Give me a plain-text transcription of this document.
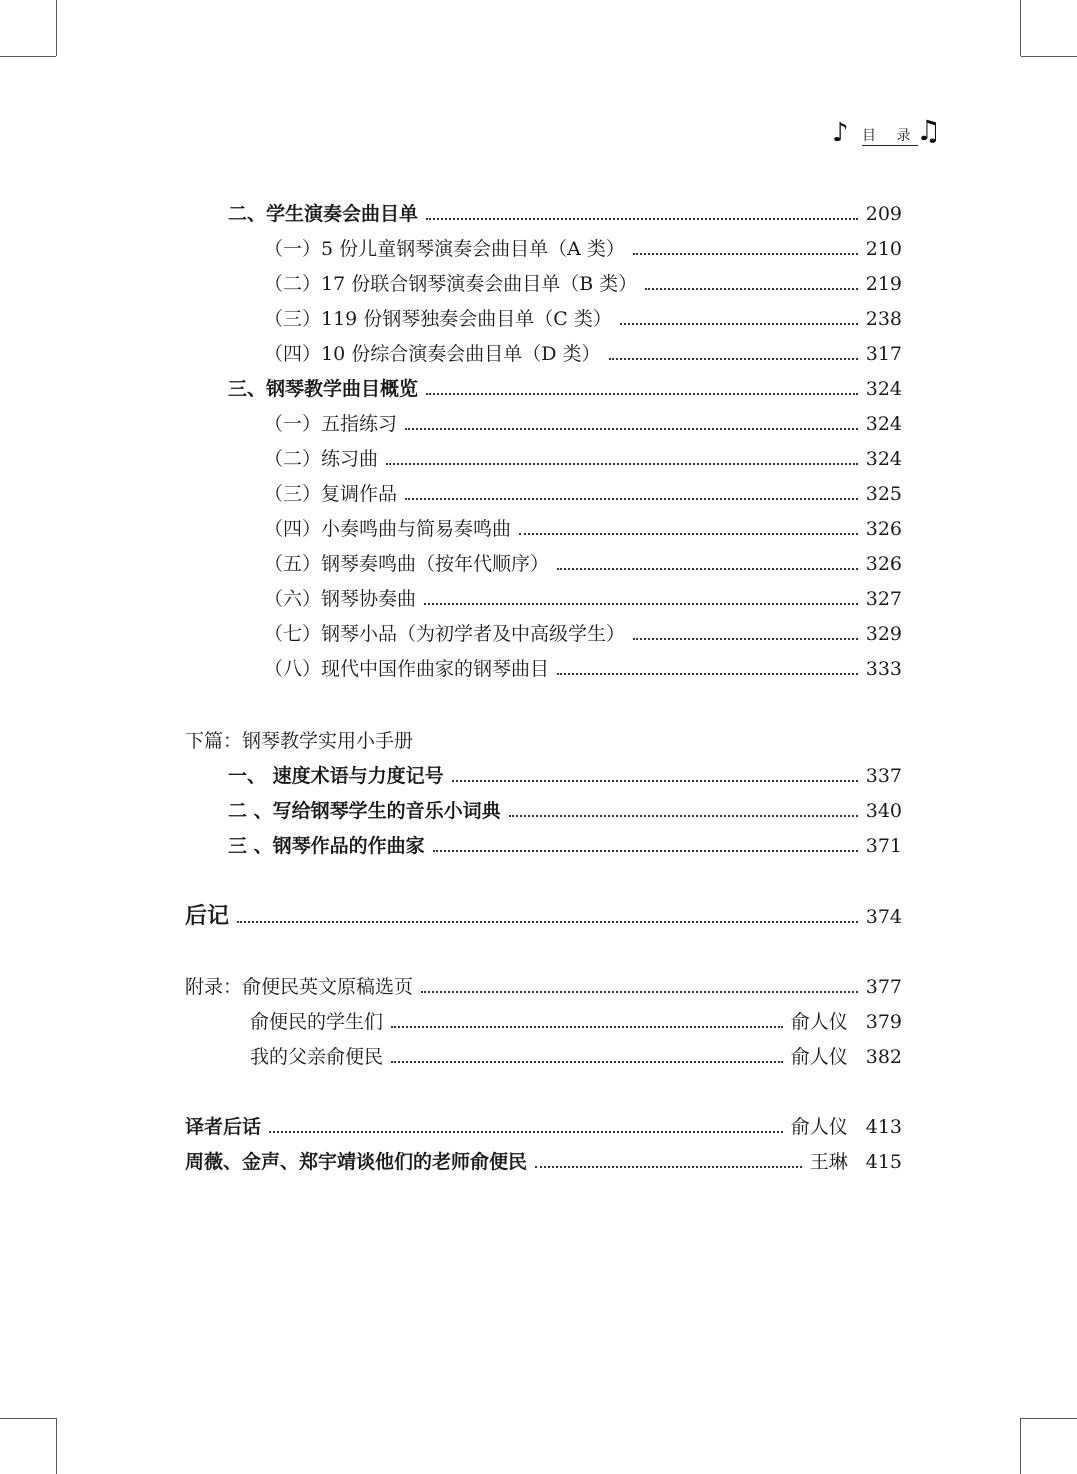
♪ 目 录
♫
二、学生演奏会曲目单	209
（一）5 份儿童钢琴演奏会曲目单（A 类）	210
（二）17 份联合钢琴演奏会曲目单（B 类）	219
（三）119 份钢琴独奏会曲目单（C 类）	238
（四）10 份综合演奏会曲目单（D 类）	317
三、钢琴教学曲目概览	324
（一）五指练习	324
（二）练习曲	324
（三）复调作品	325
（四）小奏鸣曲与简易奏鸣曲	326
（五）钢琴奏鸣曲（按年代顺序）	326
（六）钢琴协奏曲	327
（七）钢琴小品（为初学者及中高级学生）	329
（八）现代中国作曲家的钢琴曲目	333
下篇：钢琴教学实用小手册
一、 速度术语与力度记号	337
二 、写给钢琴学生的音乐小词典	340
三 、钢琴作品的作曲家	371
后记	374
附录：俞便民英文原稿选页	377
俞便民的学生们	俞人仪 379
我的父亲俞便民	俞人仪 382
译者后话	俞人仪 413
周薇、金声、郑宇靖谈他们的老师俞便民	王琳 415
